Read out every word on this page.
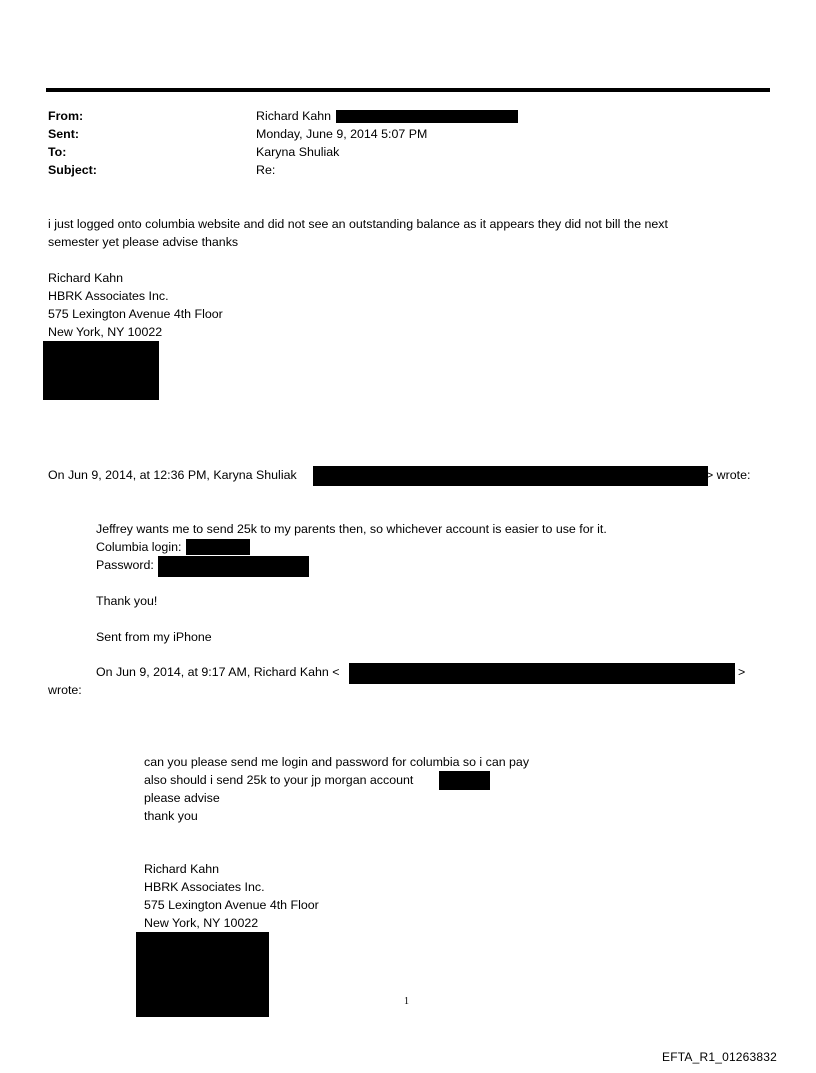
From:
Sent:
To:
Subject:
Richard Kahn
Monday, June 9, 2014 5:07 PM
Karyna Shuliak
Re:
i just logged onto columbia website and did not see an outstanding balance as it appears they did not bill the next
semester yet please advise thanks
Richard Kahn
HBRK Associates Inc.
575 Lexington Avenue 4th Floor
New York, NY 10022
On Jun 9, 2014, at 12:36 PM, Karyna Shuliak	> wrote:
Jeffrey wants me to send 25k to my parents then, so whichever account is easier to use for it.
Columbia login:
Password:
Thank you!
Sent from my iPhone
On Jun 9, 2014, at 9:17 AM, Richard Kahn <	>
wrote:
can you please send me login and password for columbia so i can pay
also should i send 25k to your jp morgan account
please advise
thank you
Richard Kahn
HBRK Associates Inc.
575 Lexington Avenue 4th Floor
New York, NY 10022
1
EFTA_R1_01263832
